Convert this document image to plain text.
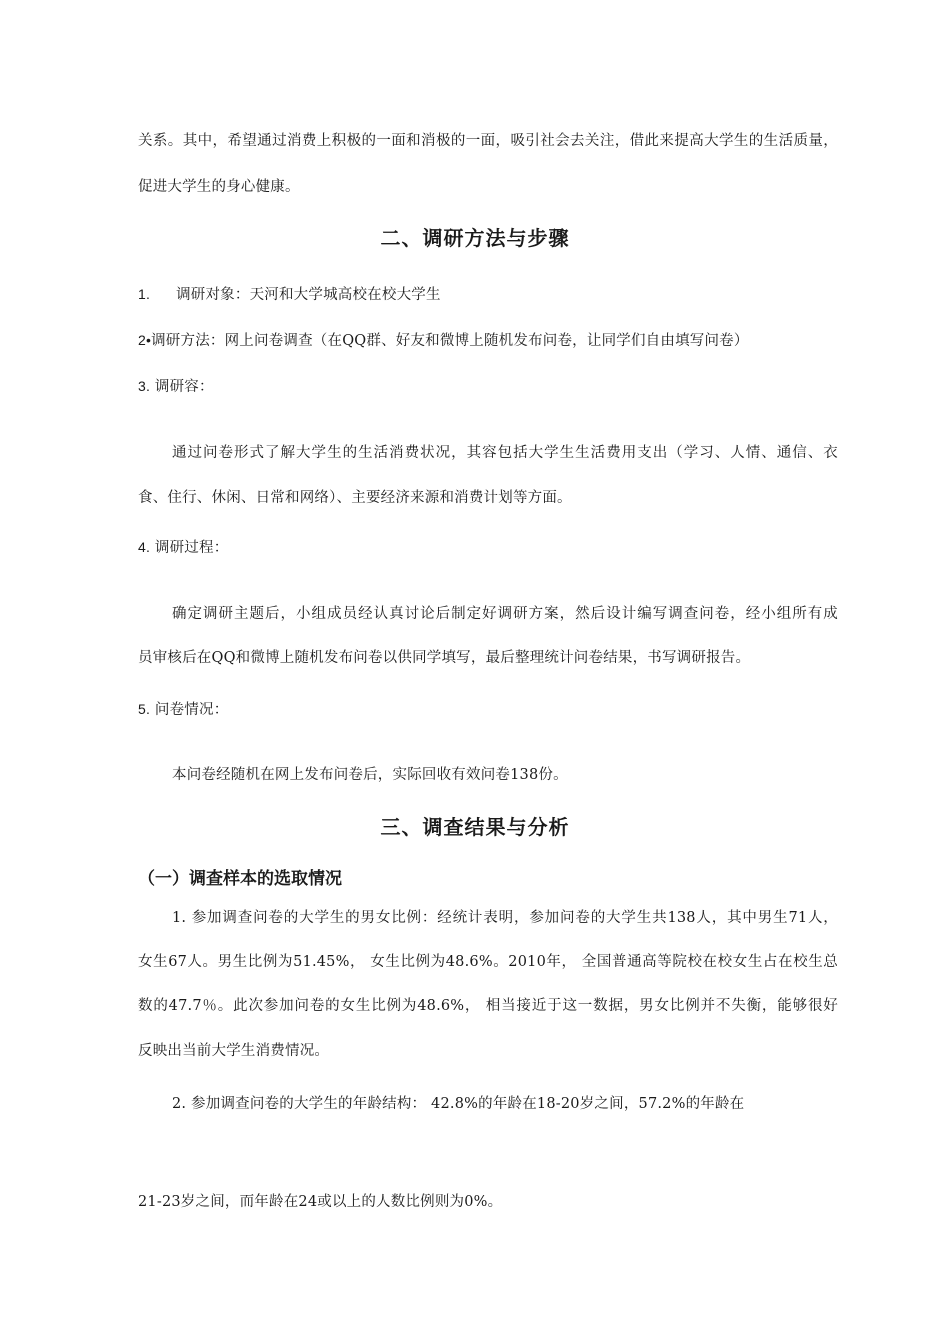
关系。其中，希望通过消费上积极的一面和消极的一面，吸引社会去关注，借此来提高大学生的生活质量，
促进大学生的身心健康。
二、调研方法与步骤
1. 调研对象：天河和大学城高校在校大学生
2•调研方法：网上问卷调查（在QQ群、好友和微博上随机发布问卷，让同学们自由填写问卷）
3. 调研容：
通过问卷形式了解大学生的生活消费状况，其容包括大学生生活费用支出（学习、人情、通信、衣
食、住行、休闲、日常和网络）、主要经济来源和消费计划等方面。
4. 调研过程：
确定调研主题后，小组成员经认真讨论后制定好调研方案，然后设计编写调查问卷，经小组所有成
员审核后在QQ和微博上随机发布问卷以供同学填写，最后整理统计问卷结果，书写调研报告。
5. 问卷情况：
本问卷经随机在网上发布问卷后，实际回收有效问卷138份。
三、调查结果与分析
（一）调查样本的选取情况
1. 参加调查问卷的大学生的男女比例：经统计表明，参加问卷的大学生共138人，其中男生71人，
女生67人。男生比例为51.45%， 女生比例为48.6%。2010年， 全国普通高等院校在校女生占在校生总
数的47.7％。此次参加问卷的女生比例为48.6%， 相当接近于这一数据，男女比例并不失衡，能够很好
反映出当前大学生消费情况。
2. 参加调查问卷的大学生的年龄结构： 42.8%的年龄在18-20岁之间，57.2%的年龄在
21-23岁之间，而年龄在24或以上的人数比例则为0%。
